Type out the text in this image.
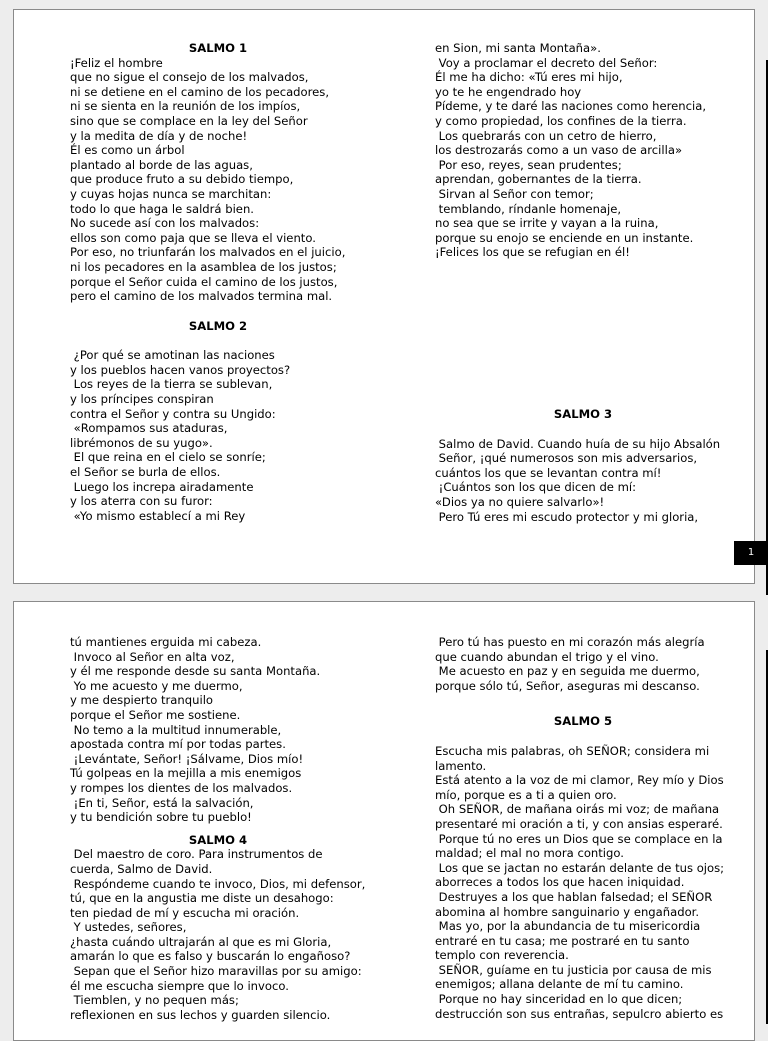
SALMO 1

¡Feliz el hombre

que no sigue el consejo de los malvados,

ni se detiene en el camino de los pecadores,

ni se sienta en la reunión de los impíos,

sino que se complace en la ley del Señor

y la medita de día y de noche!

Él es como un árbol

plantado al borde de las aguas,

que produce fruto a su debido tiempo,

y cuyas hojas nunca se marchitan:

todo lo que haga le saldrá bien.

No sucede así con los malvados:

ellos son como paja que se lleva el viento.

Por eso, no triunfarán los malvados en el juicio,

ni los pecadores en la asamblea de los justos;

porque el Señor cuida el camino de los justos,

pero el camino de los malvados termina mal.

SALMO 2

¿Por qué se amotinan las naciones

y los pueblos hacen vanos proyectos?

Los reyes de la tierra se sublevan,

y los príncipes conspiran

contra el Señor y contra su Ungido:

«Rompamos sus ataduras,

librémonos de su yugo».

El que reina en el cielo se sonríe;

el Señor se burla de ellos.

Luego los increpa airadamente

y los aterra con su furor:

«Yo mismo establecí a mi Rey

en Sion, mi santa Montaña».

Voy a proclamar el decreto del Señor:

Él me ha dicho: «Tú eres mi hijo,

yo te he engendrado hoy

Pídeme, y te daré las naciones como herencia,

y como propiedad, los confines de la tierra.

Los quebrarás con un cetro de hierro,

los destrozarás como a un vaso de arcilla»

Por eso, reyes, sean prudentes;

aprendan, gobernantes de la tierra.

Sirvan al Señor con temor;

temblando, ríndanle homenaje,

no sea que se irrite y vayan a la ruina,

porque su enojo se enciende en un instante.

¡Felices los que se refugian en él!

SALMO 3

Salmo de David. Cuando huía de su hijo Absalón

Señor, ¡qué numerosos son mis adversarios,

cuántos los que se levantan contra mí!

¡Cuántos son los que dicen de mí:

«Dios ya no quiere salvarlo»!

Pero Tú eres mi escudo protector y mi gloria,

1

tú mantienes erguida mi cabeza.

Invoco al Señor en alta voz,

y él me responde desde su santa Montaña.

Yo me acuesto y me duermo,

y me despierto tranquilo

porque el Señor me sostiene.

No temo a la multitud innumerable,

apostada contra mí por todas partes.

¡Levántate, Señor! ¡Sálvame, Dios mío!

Tú golpeas en la mejilla a mis enemigos

y rompes los dientes de los malvados.

¡En ti, Señor, está la salvación,

y tu bendición sobre tu pueblo!

SALMO 4

Del maestro de coro. Para instrumentos de

cuerda, Salmo de David.

Respóndeme cuando te invoco, Dios, mi defensor,

tú, que en la angustia me diste un desahogo:

ten piedad de mí y escucha mi oración.

Y ustedes, señores,

¿hasta cuándo ultrajarán al que es mi Gloria,

amarán lo que es falso y buscarán lo engañoso?

Sepan que el Señor hizo maravillas por su amigo:

él me escucha siempre que lo invoco.

Tiemblen, y no pequen más;

reflexionen en sus lechos y guarden silencio.

Pero tú has puesto en mi corazón más alegría

que cuando abundan el trigo y el vino.

Me acuesto en paz y en seguida me duermo,

porque sólo tú, Señor, aseguras mi descanso.

SALMO 5

Escucha mis palabras, oh SEÑOR; considera mi

lamento.

Está atento a la voz de mi clamor, Rey mío y Dios

mío, porque es a ti a quien oro.

Oh SEÑOR, de mañana oirás mi voz; de mañana

presentaré mi oración a ti, y con ansias esperaré.

Porque tú no eres un Dios que se complace en la

maldad; el mal no mora contigo.

Los que se jactan no estarán delante de tus ojos;

aborreces a todos los que hacen iniquidad.

Destruyes a los que hablan falsedad; el SEÑOR

abomina al hombre sanguinario y engañador.

Mas yo, por la abundancia de tu misericordia

entraré en tu casa; me postraré en tu santo

templo con reverencia.

SEÑOR, guíame en tu justicia por causa de mis

enemigos; allana delante de mí tu camino.

Porque no hay sinceridad en lo que dicen;

destrucción son sus entrañas, sepulcro abierto es
